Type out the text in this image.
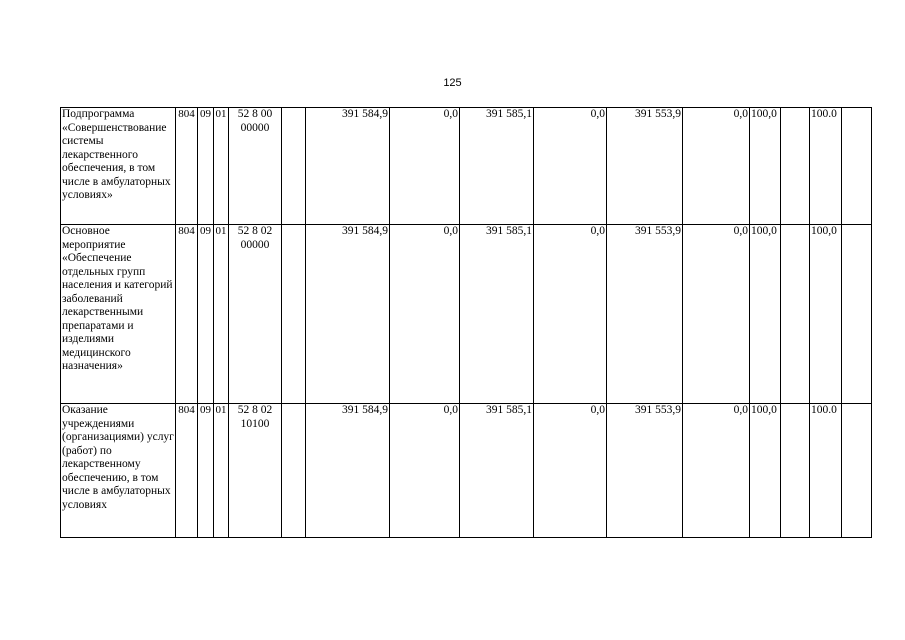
125
Подпрограмма «Совершенствование системы лекарственного обеспечения, в том числе в амбулаторных условиях»	804	09	01	52 8 00 00000		391 584,9	0,0	391 585,1	0,0	391 553,9	0,0	100,0		100.0	
Основное мероприятие «Обеспечение отдельных групп населения и категорий заболеваний лекарственными препаратами и изделиями медицинского назначения»	804	09	01	52 8 02 00000		391 584,9	0,0	391 585,1	0,0	391 553,9	0,0	100,0		100,0	
Оказание учреждениями (организациями) услуг (работ) по лекарственному обеспечению, в том числе в амбулаторных условиях	804	09	01	52 8 02 10100		391 584,9	0,0	391 585,1	0,0	391 553,9	0,0	100,0		100.0	
